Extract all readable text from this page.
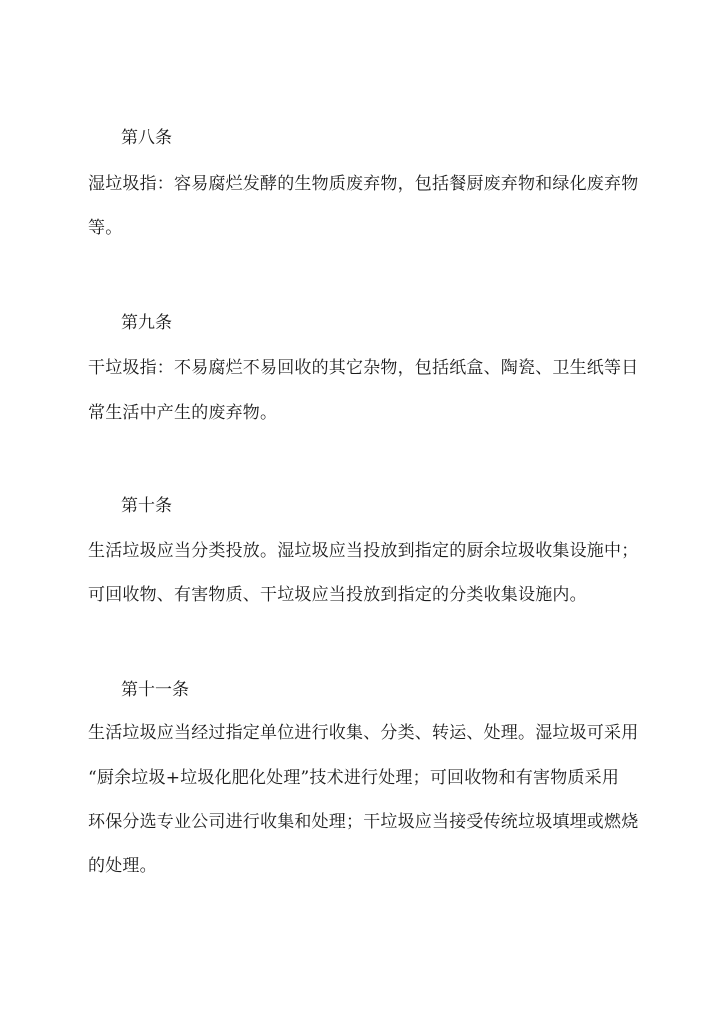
第八条
湿垃圾指：容易腐烂发酵的生物质废弃物，包括餐厨废弃物和绿化废弃物
等。
第九条
干垃圾指：不易腐烂不易回收的其它杂物，包括纸盒、陶瓷、卫生纸等日
常生活中产生的废弃物。
第十条
生活垃圾应当分类投放。湿垃圾应当投放到指定的厨余垃圾收集设施中；
可回收物、有害物质、干垃圾应当投放到指定的分类收集设施内。
第十一条
生活垃圾应当经过指定单位进行收集、分类、转运、处理。湿垃圾可采用
“厨余垃圾+垃圾化肥化处理”技术进行处理；可回收物和有害物质采用
环保分选专业公司进行收集和处理；干垃圾应当接受传统垃圾填埋或燃烧
的处理。
